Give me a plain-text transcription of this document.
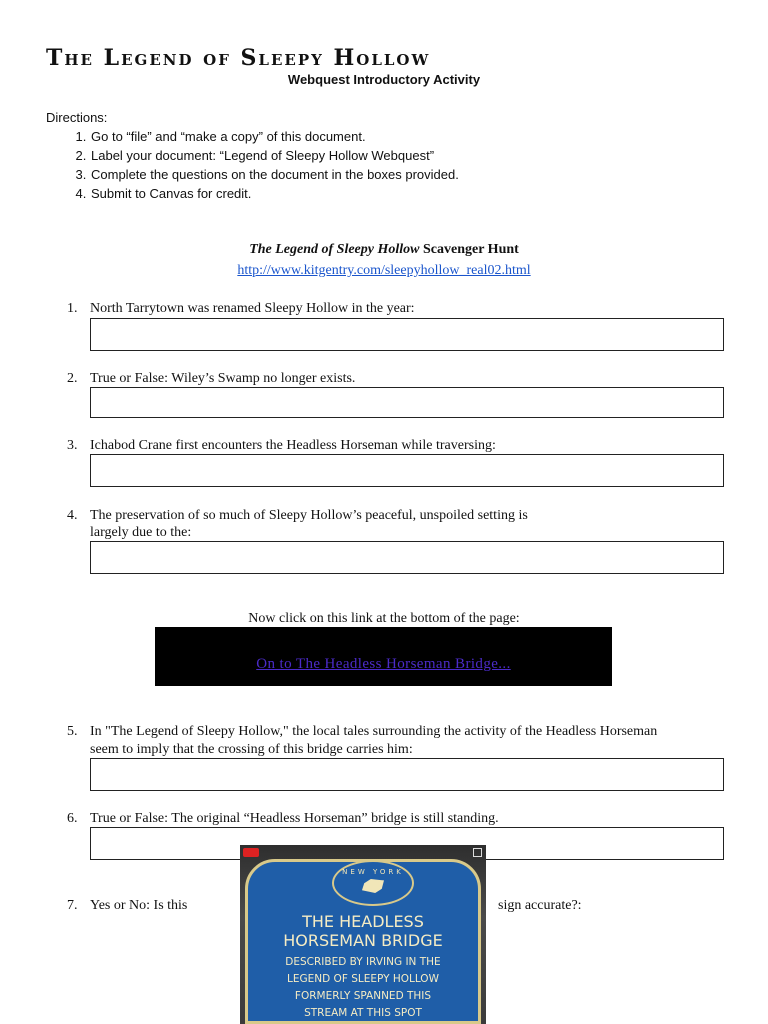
The Legend of Sleepy Hollow
Webquest Introductory Activity
Directions:
1. Go to “file” and “make a copy” of this document.
2. Label your document: “Legend of Sleepy Hollow Webquest”
3. Complete the questions on the document in the boxes provided.
4. Submit to Canvas for credit.
The Legend of Sleepy Hollow Scavenger Hunt
http://www.kitgentry.com/sleepyhollow_real02.html
1. North Tarrytown was renamed Sleepy Hollow in the year:
2. True or False: Wiley’s Swamp no longer exists.
3. Ichabod Crane first encounters the Headless Horseman while traversing:
4. The preservation of so much of Sleepy Hollow’s peaceful, unspoiled setting is
largely due to the:
Now click on this link at the bottom of the page:
On to The Headless Horseman Bridge...
5. In "The Legend of Sleepy Hollow," the local tales surrounding the activity of the Headless Horseman
seem to imply that the crossing of this bridge carries him:
6. True or False: The original “Headless Horseman” bridge is still standing.
7. Yes or No: Is this	sign accurate?:
NEW YORK
THE HEADLESS
HORSEMAN BRIDGE
DESCRIBED BY IRVING IN THE
LEGEND OF SLEEPY HOLLOW
FORMERLY SPANNED THIS
STREAM AT THIS SPOT
